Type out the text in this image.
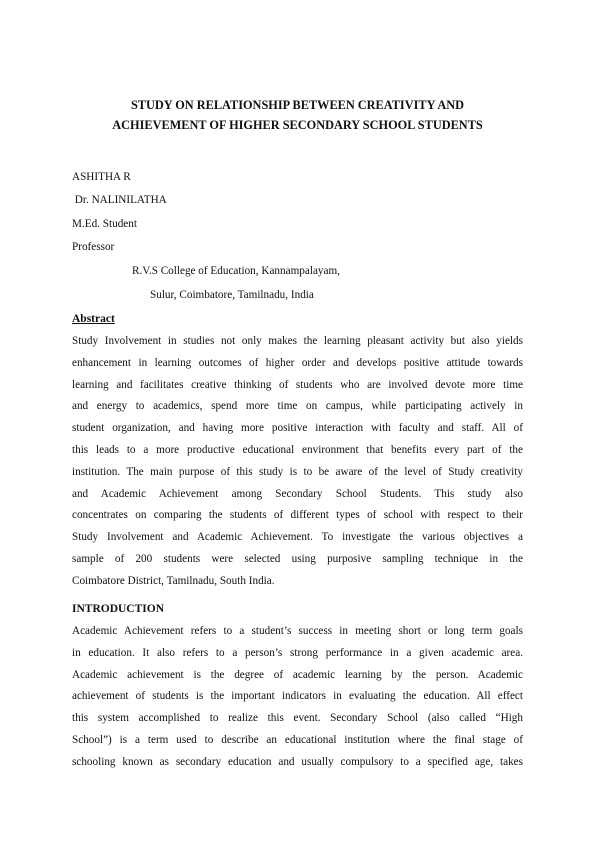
STUDY ON RELATIONSHIP BETWEEN CREATIVITY AND
ACHIEVEMENT OF HIGHER SECONDARY SCHOOL STUDENTS
ASHITHA R
Dr. NALINILATHA
M.Ed. Student
Professor
R.V.S College of Education, Kannampalayam,
Sulur, Coimbatore, Tamilnadu, India
Abstract
Study Involvement in studies not only makes the learning pleasant activity but also yields
enhancement in learning outcomes of higher order and develops positive attitude towards
learning and facilitates creative thinking of students who are involved devote more time
and energy to academics, spend more time on campus, while participating actively in
student organization, and having more positive interaction with faculty and staff. All of
this leads to a more productive educational environment that benefits every part of the
institution. The main purpose of this study is to be aware of the level of Study creativity
and Academic Achievement among Secondary School Students. This study also
concentrates on comparing the students of different types of school with respect to their
Study Involvement and Academic Achievement. To investigate the various objectives a
sample of 200 students were selected using purposive sampling technique in the
Coimbatore District, Tamilnadu, South India.
INTRODUCTION
Academic Achievement refers to a student’s success in meeting short or long term goals
in education. It also refers to a person’s strong performance in a given academic area.
Academic achievement is the degree of academic learning by the person. Academic
achievement of students is the important indicators in evaluating the education. All effect
this system accomplished to realize this event. Secondary School (also called “High
School”) is a term used to describe an educational institution where the final stage of
schooling known as secondary education and usually compulsory to a specified age, takes
